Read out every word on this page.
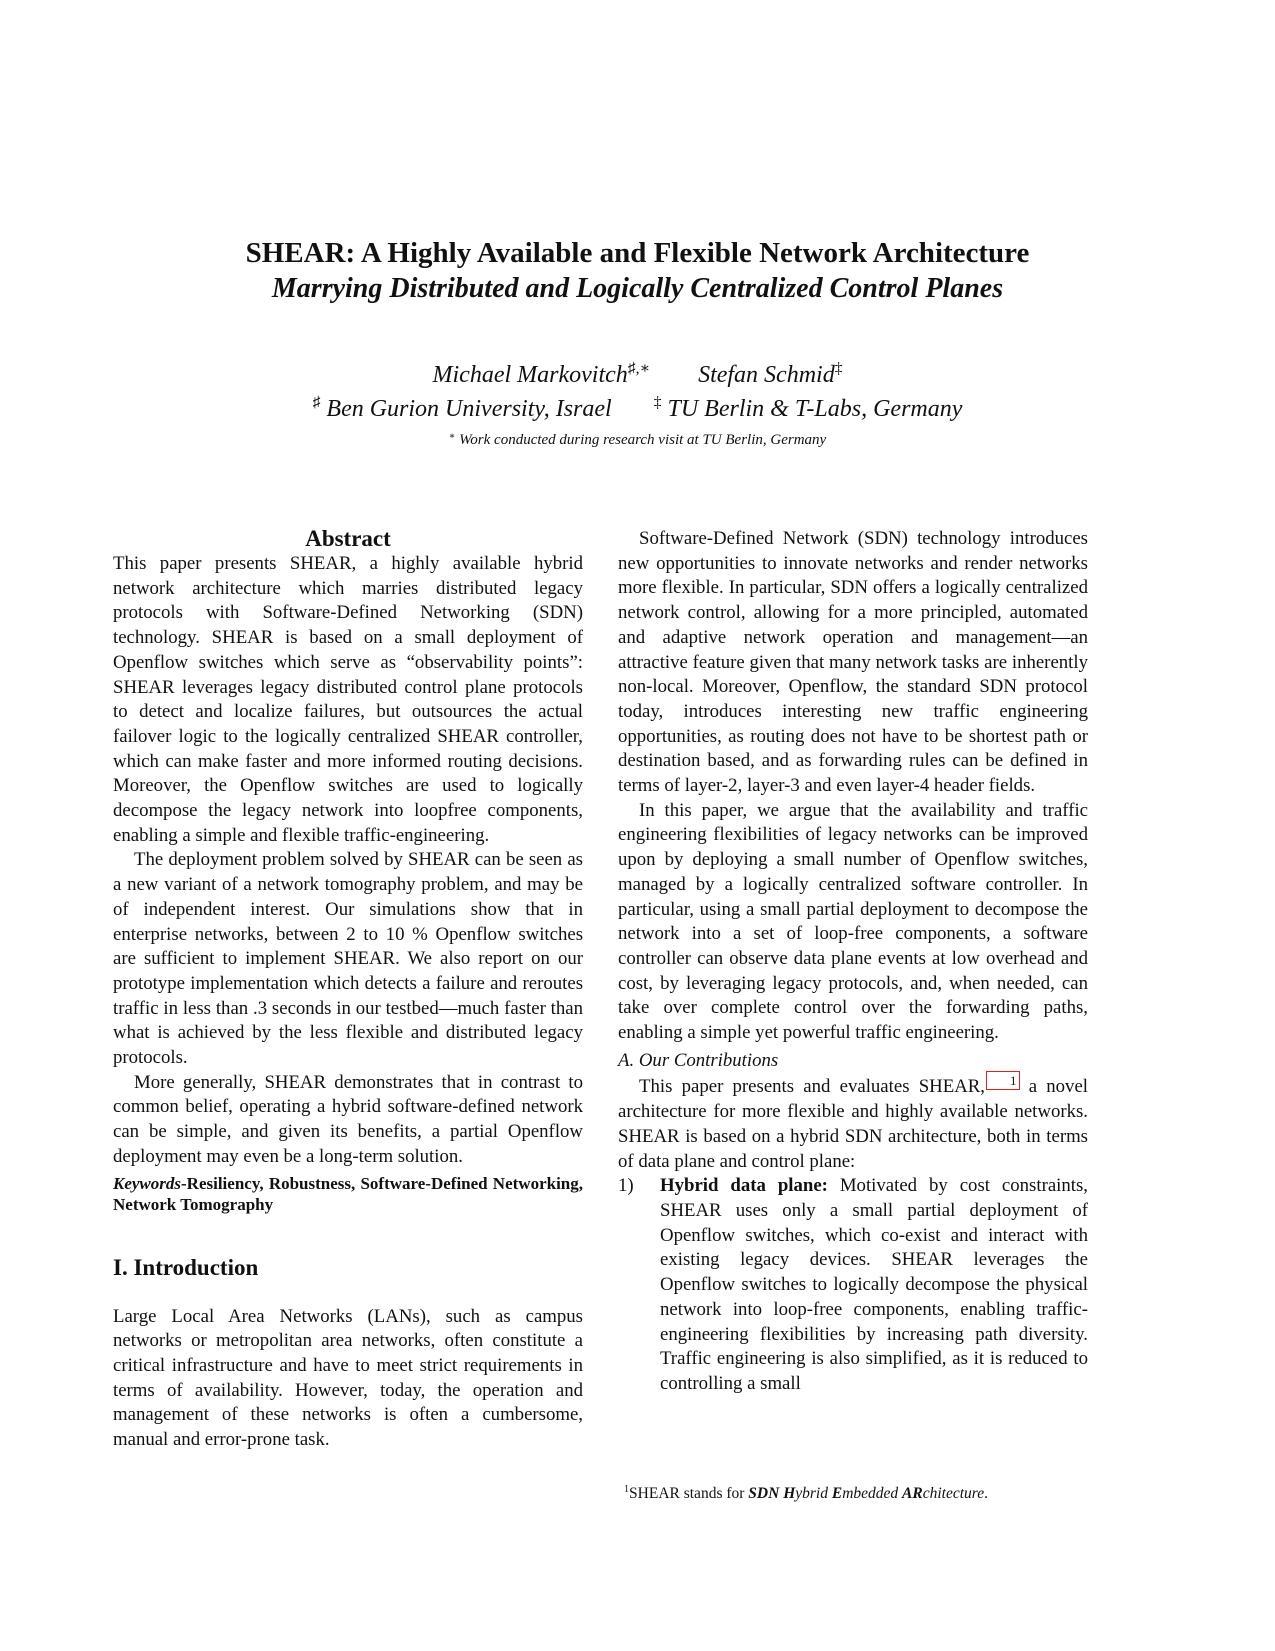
SHEAR: A Highly Available and Flexible Network Architecture
Marrying Distributed and Logically Centralized Control Planes
Michael Markovitch♯,∗ Stefan Schmid‡
♯ Ben Gurion University, Israel	‡ TU Berlin & T-Labs, Germany
∗ Work conducted during research visit at TU Berlin, Germany
Abstract

This paper presents SHEAR, a highly available hybrid network architecture which marries distributed legacy protocols with Software-Defined Networking (SDN) technology. SHEAR is based on a small deployment of Openflow switches which serve as “observability points”: SHEAR leverages legacy distributed control plane protocols to detect and localize failures, but outsources the actual failover logic to the logically centralized SHEAR controller, which can make faster and more informed routing decisions. Moreover, the Openflow switches are used to logically decompose the legacy network into loopfree components, enabling a simple and flexible traffic-engineering.

The deployment problem solved by SHEAR can be seen as a new variant of a network tomography problem, and may be of independent interest. Our simulations show that in enterprise networks, between 2 to 10 % Openflow switches are sufficient to implement SHEAR. We also report on our prototype implementation which detects a failure and reroutes traffic in less than .3 seconds in our testbed—much faster than what is achieved by the less flexible and distributed legacy protocols.

More generally, SHEAR demonstrates that in contrast to common belief, operating a hybrid software-defined network can be simple, and given its benefits, a partial Openflow deployment may even be a long-term solution.

Keywords-Resiliency, Robustness, Software-Defined Networking, Network Tomography

I. Introduction

Large Local Area Networks (LANs), such as campus networks or metropolitan area networks, often constitute a critical infrastructure and have to meet strict requirements in terms of availability. However, today, the operation and management of these networks is often a cumbersome, manual and error-prone task.

Software-Defined Network (SDN) technology introduces new opportunities to innovate networks and render networks more flexible. In particular, SDN offers a logically centralized network control, allowing for a more principled, automated and adaptive network operation and management—an attractive feature given that many network tasks are inherently non-local. Moreover, Openflow, the standard SDN protocol today, introduces interesting new traffic engineering opportunities, as routing does not have to be shortest path or destination based, and as forwarding rules can be defined in terms of layer-2, layer-3 and even layer-4 header fields.

In this paper, we argue that the availability and traffic engineering flexibilities of legacy networks can be improved upon by deploying a small number of Openflow switches, managed by a logically centralized software controller. In particular, using a small partial deployment to decompose the network into a set of loop-free components, a software controller can observe data plane events at low overhead and cost, by leveraging legacy protocols, and, when needed, can take over complete control over the forwarding paths, enabling a simple yet powerful traffic engineering.

A. Our Contributions

This paper presents and evaluates SHEAR, 1 a novel architecture for more flexible and highly available networks. SHEAR is based on a hybrid SDN architecture, both in terms of data plane and control plane:

1) Hybrid data plane: Motivated by cost constraints, SHEAR uses only a small partial deployment of Openflow switches, which co-exist and interact with existing legacy devices. SHEAR leverages the Openflow switches to logically decompose the physical network into loop-free components, enabling traffic-engineering flexibilities by increasing path diversity. Traffic engineering is also simplified, as it is reduced to controlling a small
$^1$SHEAR stands for SDN Hybrid Embedded ARchitecture.
